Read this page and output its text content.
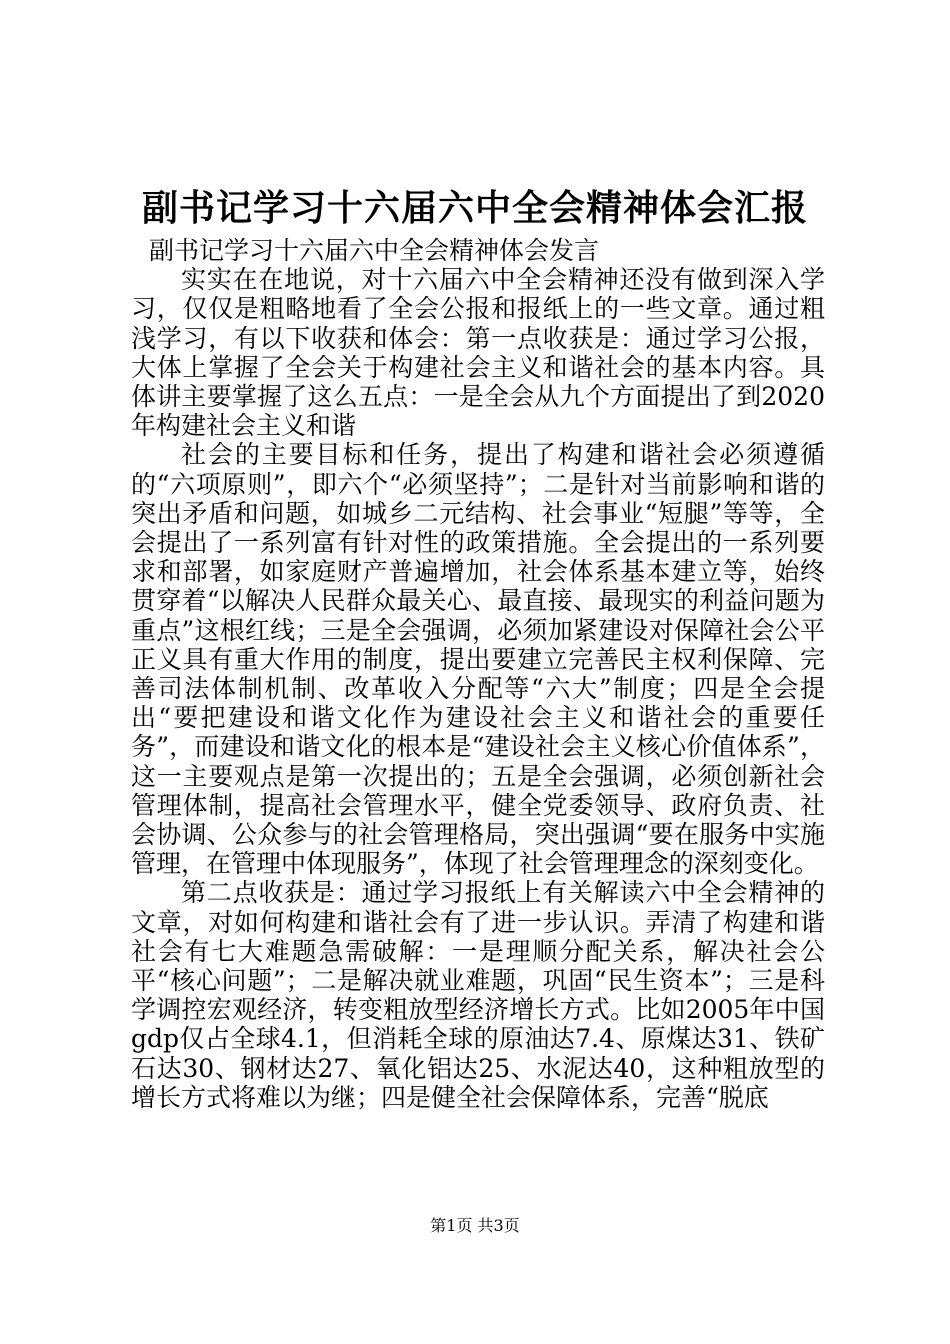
副书记学习十六届六中全会精神体会汇报

副书记学习十六届六中全会精神体会发言

实实在在地说，对十六届六中全会精神还没有做到深入学习，仅仅是粗略地看了全会公报和报纸上的一些文章。通过粗浅学习，有以下收获和体会：第一点收获是：通过学习公报，大体上掌握了全会关于构建社会主义和谐社会的基本内容。具体讲主要掌握了这么五点：一是全会从九个方面提出了到2020年构建社会主义和谐

社会的主要目标和任务，提出了构建和谐社会必须遵循的“六项原则”，即六个“必须坚持”；二是针对当前影响和谐的突出矛盾和问题，如城乡二元结构、社会事业“短腿”等等，全会提出了一系列富有针对性的政策措施。全会提出的一系列要求和部署，如家庭财产普遍增加，社会体系基本建立等，始终贯穿着“以解决人民群众最关心、最直接、最现实的利益问题为重点”这根红线；三是全会强调，必须加紧建设对保障社会公平正义具有重大作用的制度，提出要建立完善民主权利保障、完善司法体制机制、改革收入分配等“六大”制度；四是全会提出“要把建设和谐文化作为建设社会主义和谐社会的重要任务”，而建设和谐文化的根本是“建设社会主义核心价值体系”，这一主要观点是第一次提出的；五是全会强调，必须创新社会管理体制，提高社会管理水平，健全党委领导、政府负责、社会协调、公众参与的社会管理格局，突出强调“要在服务中实施管理，在管理中体现服务”，体现了社会管理理念的深刻变化。

第二点收获是：通过学习报纸上有关解读六中全会精神的文章，对如何构建和谐社会有了进一步认识。弄清了构建和谐社会有七大难题急需破解：一是理顺分配关系，解决社会公平“核心问题”；二是解决就业难题，巩固“民生资本”；三是科学调控宏观经济，转变粗放型经济增长方式。比如2005年中国gdp仅占全球4.1，但消耗全球的原油达7.4、原煤达31、铁矿石达30、钢材达27、氧化铝达25、水泥达40，这种粗放型的增长方式将难以为继；四是健全社会保障体系，完善“脱底

第1页 共3页
